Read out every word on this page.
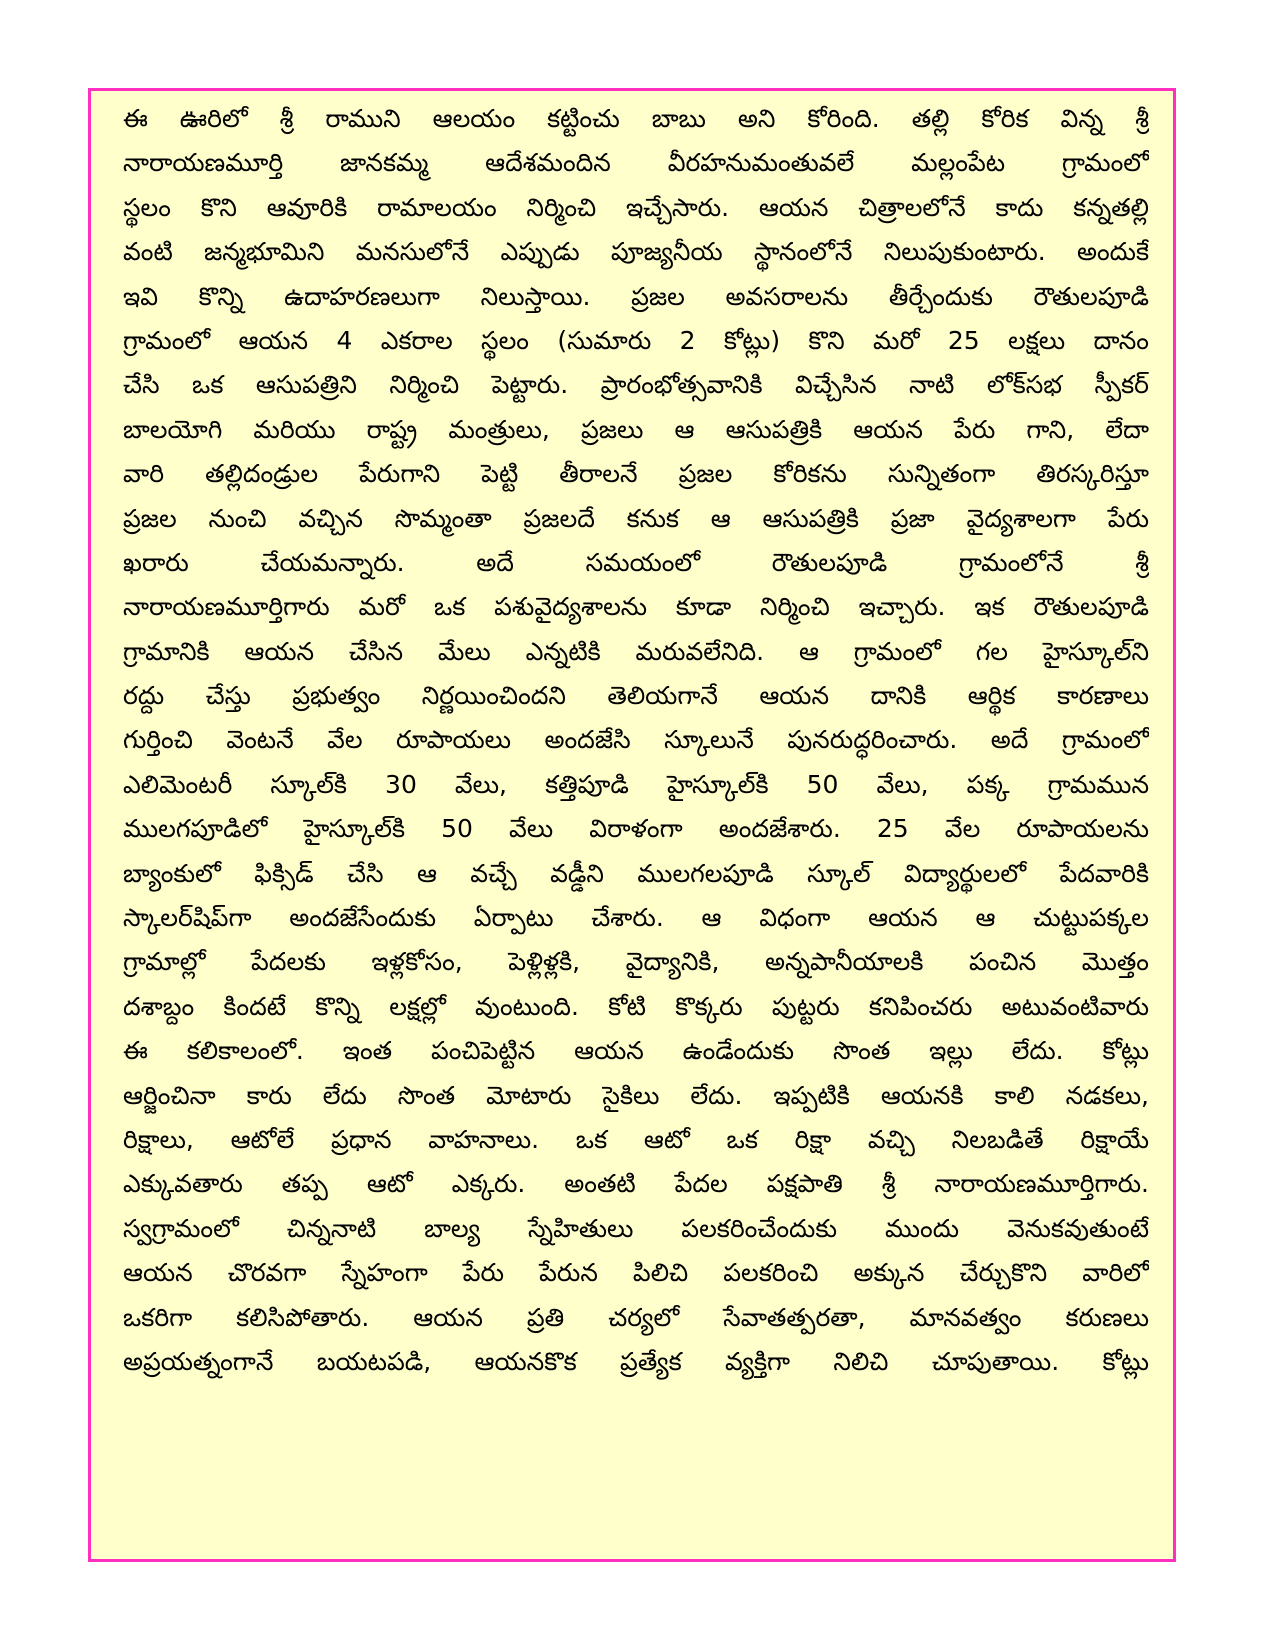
ఈ ఊరిలో శ్రీ రాముని ఆలయం కట్టించు బాబు అని కోరింది. తల్లి కోరిక విన్న శ్రీ
నారాయణమూర్తి జానకమ్మ ఆదేశమందిన వీరహనుమంతువలే మల్లంపేట గ్రామంలో
స్థలం కొని ఆవూరికి రామాలయం నిర్మించి ఇచ్చేసారు. ఆయన చిత్రాలలోనే కాదు కన్నతల్లి
వంటి జన్మభూమిని మనసులోనే ఎప్పుడు పూజ్యనీయ స్థానంలోనే నిలుపుకుంటారు. అందుకే
ఇవి కొన్ని ఉదాహరణలుగా నిలుస్తాయి. ప్రజల అవసరాలను తీర్చేందుకు రౌతులపూడి
గ్రామంలో ఆయన 4 ఎకరాల స్థలం (సుమారు 2 కోట్లు) కొని మరో 25 లక్షలు దానం
చేసి ఒక ఆసుపత్రిని నిర్మించి పెట్టారు. ప్రారంభోత్సవానికి విచ్చేసిన నాటి లోక్‌సభ స్పీకర్
బాలయోగి మరియు రాష్ట్ర మంత్రులు, ప్రజలు ఆ ఆసుపత్రికి ఆయన పేరు గాని, లేదా
వారి తల్లిదండ్రుల పేరుగాని పెట్టి తీరాలనే ప్రజల కోరికను సున్నితంగా తిరస్కరిస్తూ
ప్రజల నుంచి వచ్చిన సొమ్మంతా ప్రజలదే కనుక ఆ ఆసుపత్రికి ప్రజా వైద్యశాలగా పేరు
ఖరారు చేయమన్నారు. అదే సమయంలో రౌతులపూడి గ్రామంలోనే శ్రీ
నారాయణమూర్తిగారు మరో ఒక పశువైద్యశాలను కూడా నిర్మించి ఇచ్చారు. ఇక రౌతులపూడి
గ్రామానికి ఆయన చేసిన మేలు ఎన్నటికి మరువలేనిది. ఆ గ్రామంలో గల హైస్కూల్‌ని
రద్దు చేస్తు ప్రభుత్వం నిర్ణయించిందని తెలియగానే ఆయన దానికి ఆర్థిక కారణాలు
గుర్తించి వెంటనే వేల రూపాయలు అందజేసి స్కూలునే పునరుద్ధరించారు. అదే గ్రామంలో
ఎలిమెంటరీ స్కూల్‌కి 30 వేలు, కత్తిపూడి హైస్కూల్‌కి 50 వేలు, పక్క గ్రామమున
ములగపూడిలో హైస్కూల్‌కి 50 వేలు విరాళంగా అందజేశారు. 25 వేల రూపాయలను
బ్యాంకులో ఫిక్సిడ్ చేసి ఆ వచ్చే వడ్డీని ములగలపూడి స్కూల్ విద్యార్థులలో పేదవారికి
స్కాలర్‌షిప్‌గా అందజేసేందుకు ఏర్పాటు చేశారు. ఆ విధంగా ఆయన ఆ చుట్టుపక్కల
గ్రామాల్లో పేదలకు ఇళ్లకోసం, పెళ్లిళ్లకి, వైద్యానికి, అన్నపానీయాలకి పంచిన మొత్తం
దశాబ్దం కిందటే కొన్ని లక్షల్లో వుంటుంది. కోటి కొక్కరు పుట్టరు కనిపించరు అటువంటివారు
ఈ కలికాలంలో. ఇంత పంచిపెట్టిన ఆయన ఉండేందుకు సొంత ఇల్లు లేదు. కోట్లు
ఆర్జించినా కారు లేదు సొంత మోటారు సైకిలు లేదు. ఇప్పటికి ఆయనకి కాలి నడకలు,
రిక్షాలు, ఆటోలే ప్రధాన వాహనాలు. ఒక ఆటో ఒక రిక్షా వచ్చి నిలబడితే రిక్షాయే
ఎక్కువతారు తప్ప ఆటో ఎక్కరు. అంతటి పేదల పక్షపాతి శ్రీ నారాయణమూర్తిగారు.
స్వగ్రామంలో చిన్ననాటి బాల్య స్నేహితులు పలకరించేందుకు ముందు వెనుకవుతుంటే
ఆయన చొరవగా స్నేహంగా పేరు పేరున పిలిచి పలకరించి అక్కున చేర్చుకొని వారిలో
ఒకరిగా కలిసిపోతారు. ఆయన ప్రతి చర్యలో సేవాతత్పరతా, మానవత్వం కరుణలు
అప్రయత్నంగానే బయటపడి, ఆయనకొక ప్రత్యేక వ్యక్తిగా నిలిచి చూపుతాయి. కోట్లు
